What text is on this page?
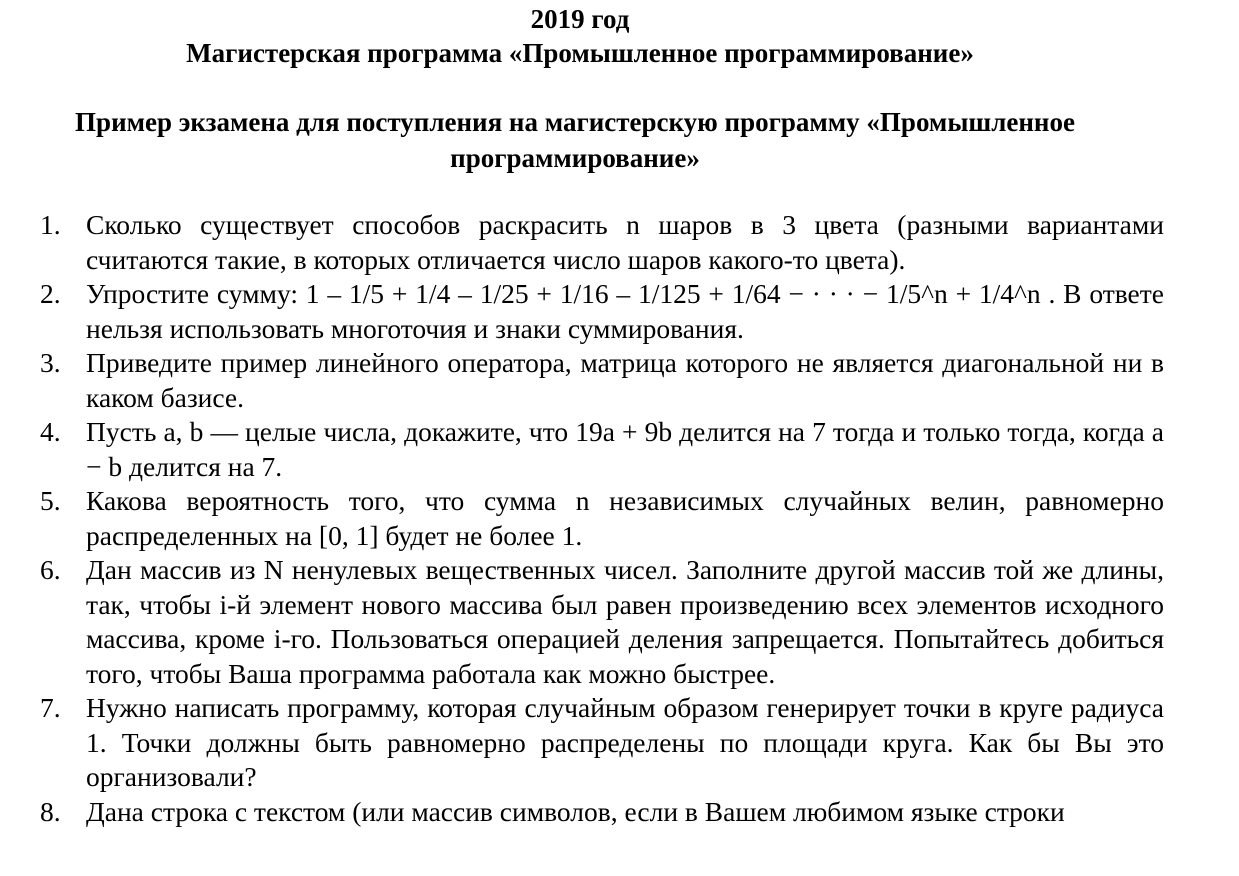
2019 год
Магистерская программа «Промышленное программирование»
Пример экзамена для поступления на магистерскую программу «Промышленное программирование»
1. Сколько существует способов раскрасить n шаров в 3 цвета (разными вариантами считаются такие, в которых отличается число шаров какого-то цвета).
2. Упростите сумму: 1 – 1/5 + 1/4 – 1/25 + 1/16 – 1/125 + 1/64 − · · · − 1/5^n + 1/4^n . В ответе нельзя использовать многоточия и знаки суммирования.
3. Приведите пример линейного оператора, матрица которого не является диагональной ни в каком базисе.
4. Пусть a, b — целые числа, докажите, что 19a + 9b делится на 7 тогда и только тогда, когда a − b делится на 7.
5. Какова вероятность того, что сумма n независимых случайных велин, равномерно распределенных на [0, 1] будет не более 1.
6. Дан массив из N ненулевых вещественных чисел. Заполните другой массив той же длины, так, чтобы i-й элемент нового массива был равен произведению всех элементов исходного массива, кроме i-го. Пользоваться операцией деления запрещается. Попытайтесь добиться того, чтобы Ваша программа работала как можно быстрее.
7. Нужно написать программу, которая случайным образом генерирует точки в круге радиуса 1. Точки должны быть равномерно распределены по площади круга. Как бы Вы это организовали?
8. Дана строка с текстом (или массив символов, если в Вашем любимом языке строки
